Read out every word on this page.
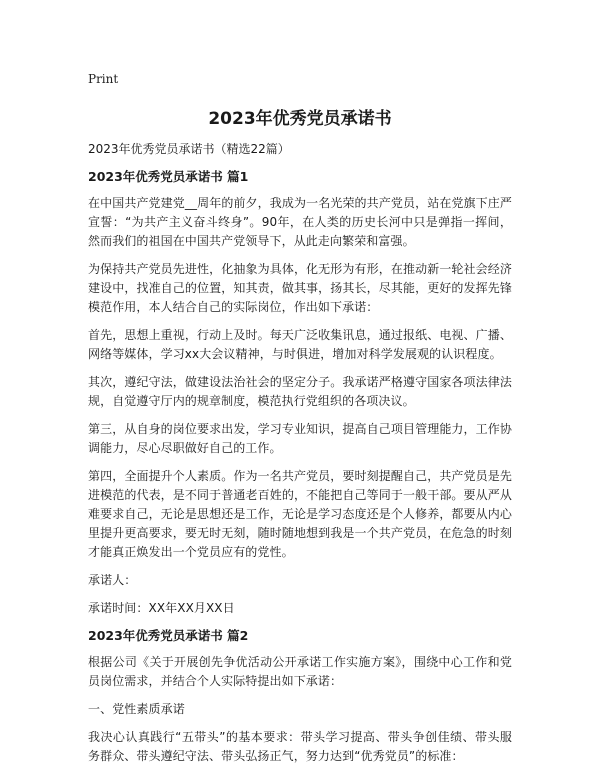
Print
2023年优秀党员承诺书

2023年优秀党员承诺书（精选22篇）

2023年优秀党员承诺书 篇1

在中国共产党建党__周年的前夕，我成为一名光荣的共产党员，站在党旗下庄严宣誓：“为共产主义奋斗终身”。90年，在人类的历史长河中只是弹指一挥间，然而我们的祖国在中国共产党领导下，从此走向繁荣和富强。

为保持共产党员先进性，化抽象为具体，化无形为有形，在推动新一轮社会经济建设中，找准自己的位置，知其责，做其事，扬其长，尽其能，更好的发挥先锋模范作用，本人结合自己的实际岗位，作出如下承诺：

首先，思想上重视，行动上及时。每天广泛收集讯息，通过报纸、电视、广播、网络等媒体，学习xx大会议精神，与时俱进，增加对科学发展观的认识程度。

其次，遵纪守法，做建设法治社会的坚定分子。我承诺严格遵守国家各项法律法规，自觉遵守厅内的规章制度，模范执行党组织的各项决议。

第三，从自身的岗位要求出发，学习专业知识，提高自己项目管理能力，工作协调能力，尽心尽职做好自己的工作。

第四，全面提升个人素质。作为一名共产党员，要时刻提醒自己，共产党员是先进模范的代表，是不同于普通老百姓的，不能把自己等同于一般干部。要从严从难要求自己，无论是思想还是工作，无论是学习态度还是个人修养，都要从内心里提升更高要求，要无时无刻，随时随地想到我是一个共产党员，在危急的时刻才能真正焕发出一个党员应有的党性。

承诺人：

承诺时间：XX年XX月XX日

2023年优秀党员承诺书 篇2

根据公司《关于开展创先争优活动公开承诺工作实施方案》，围绕中心工作和党员岗位需求，并结合个人实际特提出如下承诺：

一、党性素质承诺

我决心认真践行“五带头”的基本要求：带头学习提高、带头争创佳绩、带头服务群众、带头遵纪守法、带头弘扬正气，努力达到“优秀党员”的标准：
